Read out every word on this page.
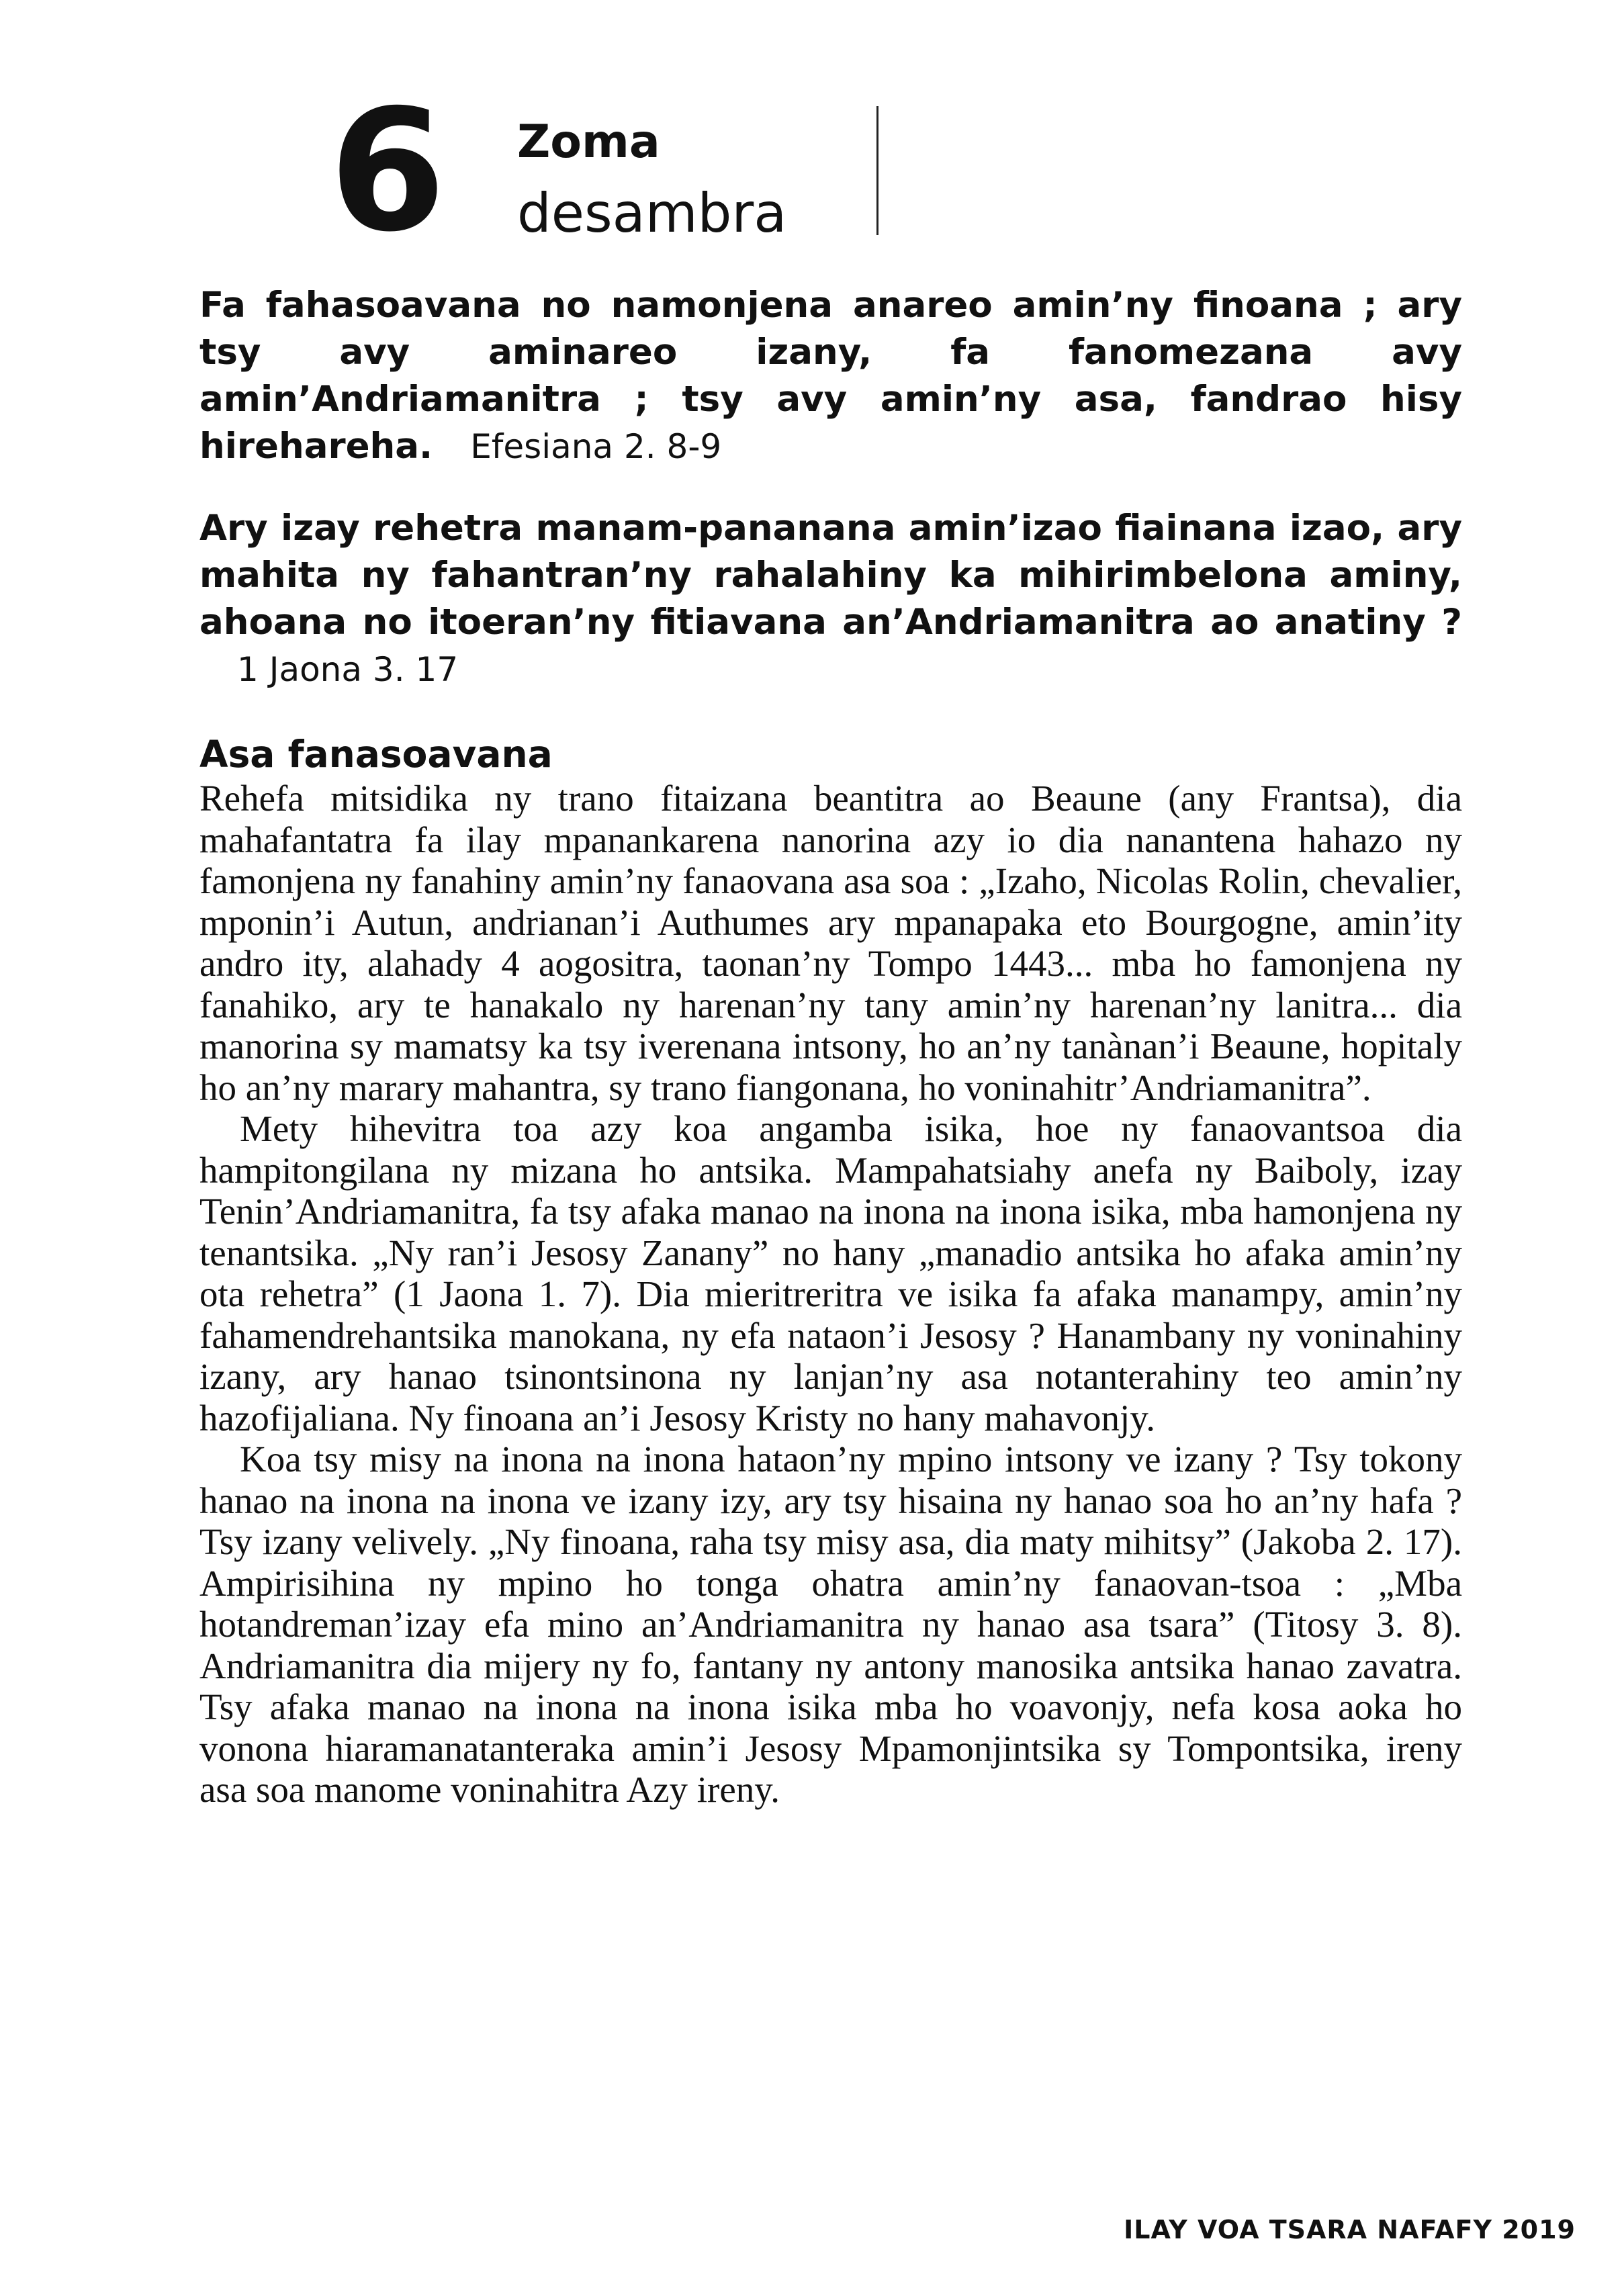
6 Zoma
desambra

Fa fahasoavana no namonjena anareo amin’ny finoana ; ary tsy avy aminareo izany, fa fanomezana avy amin’Andriamanitra ; tsy avy amin’ny asa, fandrao hisy hirehareha. Efesiana 2. 8-9

Ary izay rehetra manam-pananana amin’izao fiainana izao, ary mahita ny fahantran’ny rahalahiny ka mihirimbelona aminy, ahoana no itoeran’ny fitiavana an’Andriamanitra ao anatiny ?1 Jaona 3. 17

Asa fanasoavana

Rehefa mitsidika ny trano fitaizana beantitra ao Beaune (any Frantsa), dia mahafantatra fa ilay mpanankarena nanorina azy io dia nanantena hahazo ny famonjena ny fanahiny amin’ny fanaovana asa soa : „Izaho, Nicolas Rolin, chevalier, mponin’i Autun, andrianan’i Authumes ary mpanapaka eto Bourgogne, amin’ity andro ity, alahady 4 aogositra, taonan’ny Tompo 1443... mba ho famonjena ny fanahiko, ary te hanakalo ny harenan’ny tany amin’ny harenan’ny lanitra... dia manorina sy mamatsy ka tsy iverenana intsony, ho an’ny tanànan’i Beaune, hopitaly ho an’ny marary mahantra, sy trano fiangonana, ho voninahitr’Andriamanitra”.

Mety hihevitra toa azy koa angamba isika, hoe ny fanaovantsoa dia hampitongilana ny mizana ho antsika. Mampahatsiahy anefa ny Baiboly, izay Tenin’Andriamanitra, fa tsy afaka manao na inona na inona isika, mba hamonjena ny tenantsika. „Ny ran’i Jesosy Zanany” no hany „manadio antsika ho afaka amin’ny ota rehetra” (1 Jaona 1. 7). Dia mieritreritra ve isika fa afaka manampy, amin’ny fahamendrehantsika manokana, ny efa nataon’i Jesosy ? Hanambany ny voninahiny izany, ary hanao tsinontsinona ny lanjan’ny asa notanterahiny teo amin’ny hazofijaliana. Ny finoana an’i Jesosy Kristy no hany mahavonjy.

Koa tsy misy na inona na inona hataon’ny mpino intsony ve izany ? Tsy tokony hanao na inona na inona ve izany izy, ary tsy hisaina ny hanao soa ho an’ny hafa ? Tsy izany velively. „Ny finoana, raha tsy misy asa, dia maty mihitsy” (Jakoba 2. 17). Ampirisihina ny mpino ho tonga ohatra amin’ny fanaovan-tsoa : „Mba hotandreman’izay efa mino an’Andriamanitra ny hanao asa tsara” (Titosy 3. 8). Andriamanitra dia mijery ny fo, fantany ny antony manosika antsika hanao zavatra. Tsy afaka manao na inona na inona isika mba ho voavonjy, nefa kosa aoka ho vonona hiaramanatanteraka amin’i Jesosy Mpamonjintsika sy Tompontsika, ireny asa soa manome voninahitra Azy ireny.

ILAY VOA TSARA NAFAFY 2019
